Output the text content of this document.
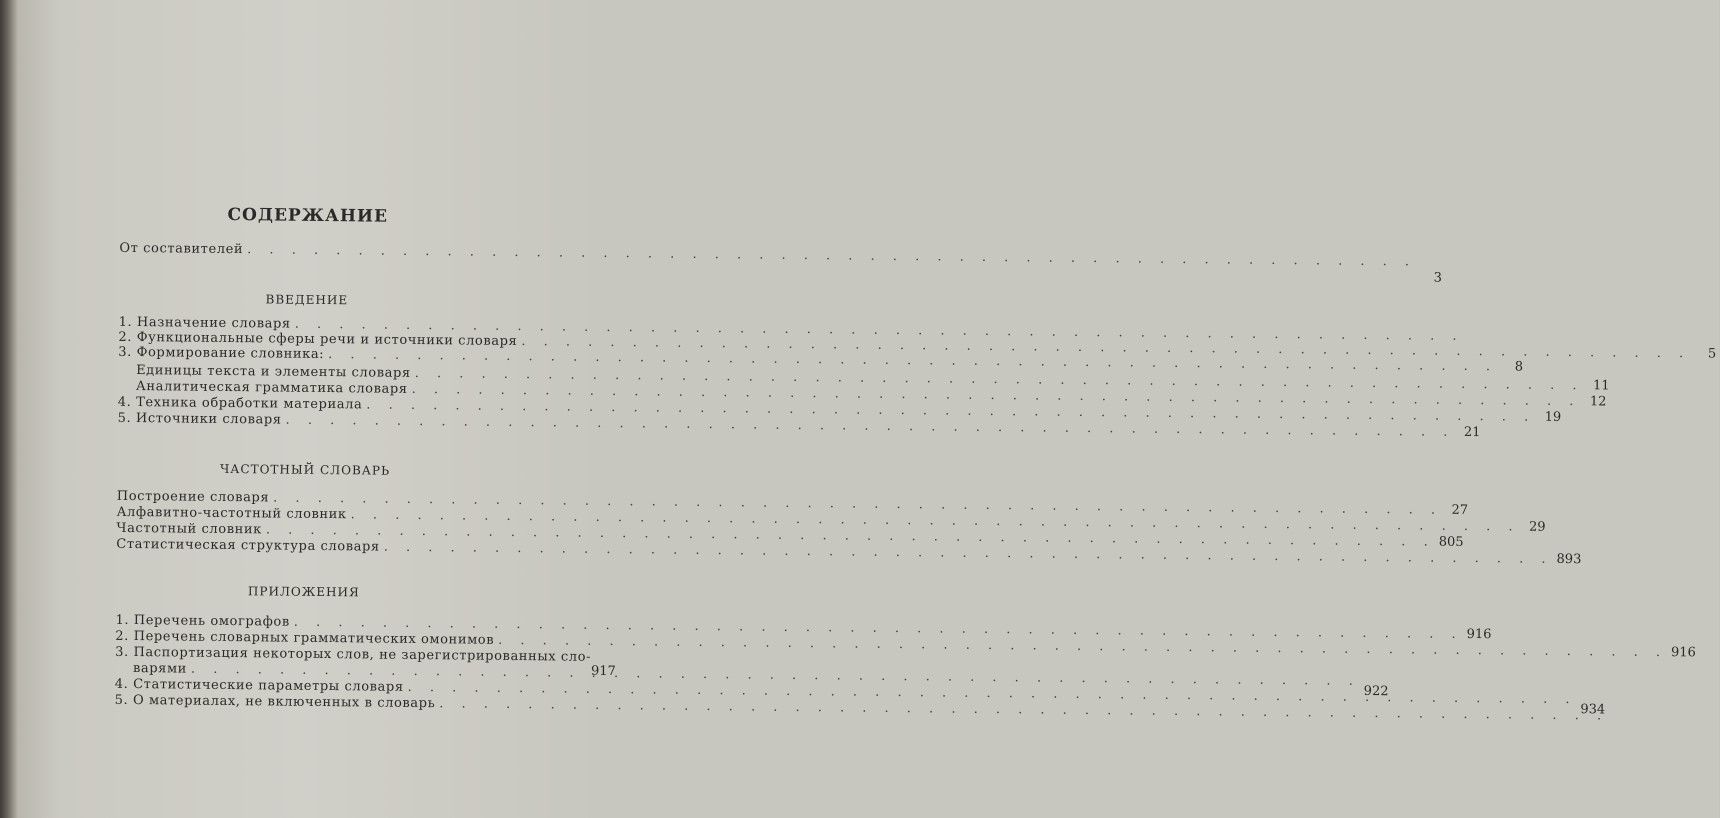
СОДЕРЖАНИЕ
От составителей
. . .
3
ВВЕДЕНИЕ
1. Назначение словаря
. . .
2. Функциональные сферы речи и источники словаря
. . .
5
3. Формирование словника:
. . .
8
Единицы текста и элементы словаря
. . .
11
Аналитическая грамматика словаря
. . .
12
4. Техника обработки материала
. . .
19
5. Источники словаря
. . .
21
ЧАСТОТНЫЙ СЛОВАРЬ
Построение словаря
. . .
27
Алфавитно-частотный словник
. . .
29
Частотный словник
. . .
805
Статистическая структура словаря
. . .
893
ПРИЛОЖЕНИЯ
1. Перечень омографов
. . .
916
2. Перечень словарных грамматических омонимов
. . .
916
3. Паспортизация некоторых слов, не зарегистрированных сло-
917
варями
. . .
922
4. Статистические параметры словаря
. . .
934
5. О материалах, не включенных в словарь
. . .
